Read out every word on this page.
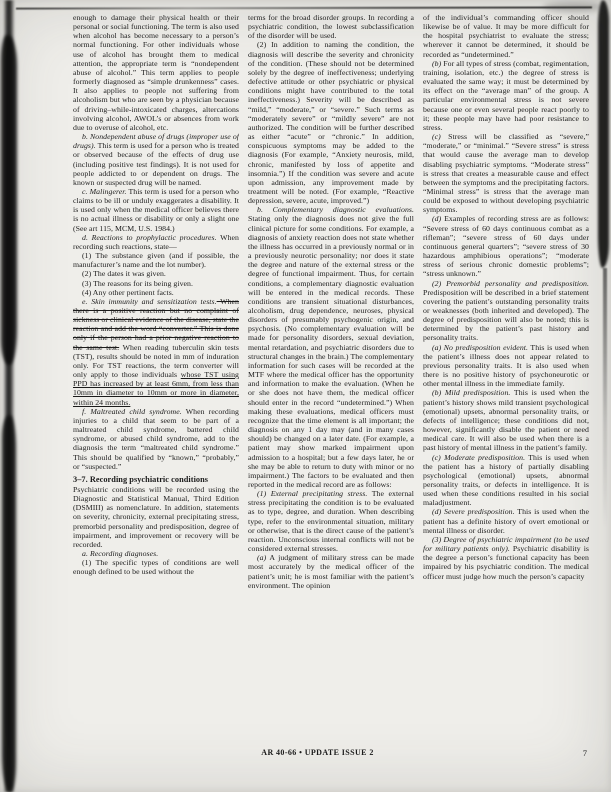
enough to damage their physical health or their personal or social functioning. The term is also used when alcohol has become necessary to a person’s normal functioning. For other individuals whose use of alcohol has brought them to medical attention, the appropriate term is “nondependent abuse of alcohol.” This term applies to people formerly diagnosed as “simple drunkenness” cases. It also applies to people not suffering from alcoholism but who are seen by a physician because of driving–while-intoxicated charges, altercations involving alcohol, AWOL’s or absences from work due to overuse of alcohol, etc.

b. Nondependent abuse of drugs (improper use of drugs). This term is used for a person who is treated or observed because of the effects of drug use (including positive test findings). It is not used for people addicted to or dependent on drugs. The known or suspected drug will be named.

c. Malingerer. This term is used for a person who claims to be ill or unduly exaggerates a disability. It is used only when the medical officer believes there is no actual illness or disability or only a slight one (See art 115, MCM, U.S. 1984.)

d. Reactions to prophylactic procedures. When recording such reactions, state—

(1) The substance given (and if possible, the manufacturer’s name and the lot number).

(2) The dates it was given.

(3) The reasons for its being given.

(4) Any other pertinent facts.

e. Skin immunity and sensitization tests. When there is a positive reaction but no complaint of sickness or clinical evidence of the disease, state the reaction and add the word “converter.” This is done only if the person had a prior negative reaction to the same test. When reading tuberculin skin tests (TST), results should be noted in mm of induration only. For TST reactions, the term converter will only apply to those individuals whose TST using PPD has increased by at least 6mm, from less than 10mm in diameter to 10mm or more in diameter, within 24 months.

f. Maltreated child syndrome. When recording injuries to a child that seem to be part of a maltreated child syndrome, battered child syndrome, or abused child syndrome, add to the diagnosis the term “maltreated child syndrome.” This should be qualified by “known,” “probably,” or “suspected.”

3–7. Recording psychiatric conditions

Psychiatric conditions will be recorded using the Diagnostic and Statistical Manual, Third Edition (DSMIII) as nomenclature. In addition, statements on severity, chronicity, external precipitating stress, premorbid personality and predisposition, degree of impairment, and improvement or recovery will be recorded.

a. Recording diagnoses.

(1) The specific types of conditions are well enough defined to be used without the

terms for the broad disorder groups. In recording a psychiatric condition, the lowest subclassification of the disorder will be used.

(2) In addition to naming the condition, the diagnosis will describe the severity and chronicity of the condition. (These should not be determined solely by the degree of ineffectiveness; underlying defective attitude or other psychiatric or physical conditions might have contributed to the total ineffectiveness.) Severity will be described as “mild,” “moderate,” or “severe.” Such terms as “moderately severe” or “mildly severe” are not authorized. The condition will be further described as either “acute” or “chronic.” In addition, conspicuous symptoms may be added to the diagnosis (For example, “Anxiety neurosis, mild, chronic, manifested by loss of appetite and insomnia.”) If the condition was severe and acute upon admission, any improvement made by treatment will be noted. (For example, “Reactive depression, severe, acute, improved.”)

b. Complementary diagnostic evaluations. Stating only the diagnosis does not give the full clinical picture for some conditions. For example, a diagnosis of anxiety reaction does not state whether the illness has occurred in a previously normal or in a previously neurotic personality; nor does it state the degree and nature of the external stress or the degree of functional impairment. Thus, for certain conditions, a complementary diagnostic evaluation will be entered in the medical records. These conditions are transient situational disturbances, alcoholism, drug dependence, neuroses, physical disorders of presumably psychogenic origin, and psychosis. (No complementary evaluation will be made for personality disorders, sexual deviation, mental retardation, and psychiatric disorders due to structural changes in the brain.) The complementary information for such cases will be recorded at the MTF where the medical officer has the opportunity and information to make the evaluation. (When he or she does not have them, the medical officer should enter in the record “undetermined.”) When making these evaluations, medical officers must recognize that the time element is all important; the diagnosis on any 1 day may (and in many cases should) be changed on a later date. (For example, a patient may show marked impairment upon admission to a hospital; but a few days later, he or she may be able to return to duty with minor or no impairment.) The factors to be evaluated and then reported in the medical record are as follows:

(1) External precipitating stress. The external stress precipitating the condition is to be evaluated as to type, degree, and duration. When describing type, refer to the environmental situation, military or otherwise, that is the direct cause of the patient’s reaction. Unconscious internal conflicts will not be considered external stresses.

(a) A judgment of military stress can be made most accurately by the medical officer of the patient’s unit; he is most familiar with the patient’s environment. The opinion

of the individual’s commanding officer should likewise be of value. It may be more difficult for the hospital psychiatrist to evaluate the stress; wherever it cannot be determined, it should be recorded as “undetermined.”

(b) For all types of stress (combat, regimentation, training, isolation, etc.) the degree of stress is evaluated the same way; it must be determined by its effect on the “average man” of the group. A particular environmental stress is not severe because one or even several people react poorly to it; these people may have had poor resistance to stress.

(c) Stress will be classified as “severe,” “moderate,” or “minimal.” “Severe stress” is stress that would cause the average man to develop disabling psychiatric symptoms. “Moderate stress” is stress that creates a measurable cause and effect between the symptoms and the precipitating factors. “Minimal stress” is stress that the average man could be exposed to without developing psychiatric symptoms.

(d) Examples of recording stress are as follows: “Severe stress of 60 days continuous combat as a rifleman”; “severe stress of 60 days under continuous general quarters”; “severe stress of 30 hazardous amphibious operations”; “moderate stress of serious chronic domestic problems”; “stress unknown.”

(2) Premorbid personality and predisposition. Predisposition will be described in a brief statement covering the patient’s outstanding personality traits or weaknesses (both inherited and developed). The degree of predisposition will also be noted; this is determined by the patient’s past history and personality traits.

(a) No predisposition evident. This is used when the patient’s illness does not appear related to previous personality traits. It is also used when there is no positive history of psychoneurotic or other mental illness in the immediate family.

(b) Mild predisposition. This is used when the patient’s history shows mild transient psychological (emotional) upsets, abnormal personality traits, or defects of intelligence; these conditions did not, however, significantly disable the patient or need medical care. It will also be used when there is a past history of mental illness in the patient’s family.

(c) Moderate predisposition. This is used when the patient has a history of partially disabling psychological (emotional) upsets, abnormal personality traits, or defects in intelligence. It is used when these conditions resulted in his social maladjustment.

(d) Severe predisposition. This is used when the patient has a definite history of overt emotional or mental illness or disorder.

(3) Degree of psychiatric impairment (to be used for military patients only). Psychiatric disability is the degree a person’s functional capacity has been impaired by his psychiatric condition. The medical officer must judge how much the person’s capacity

AR 40-66 • UPDATE ISSUE 2	7
